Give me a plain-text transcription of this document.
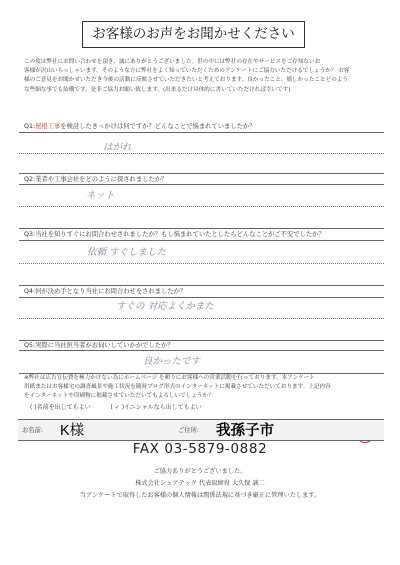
お客様のお声をお聞かせください
この度は弊社にお問い合わせを頂き、誠にありがとうございました。世の中には弊社の存在やサービスをご存知ないお
客様が沢山いらっしゃいます。そのような方に弊社をよく知っていただくためのアンケートにご協力いただけるでしょうか？ お客
様のご意見をお聞かせいただき今後の活動に反映させていただきたいと考えております。良かったこと、嬉しかったことどのよう
な些細な事でも結構です。是非ご協力お願い致します。(出来るだけ具体的に書いていただければ幸いです)
Q1:屋根工事を検討したきっかけは何ですか？どんなことで悩まれていましたか？
はがれ
Q2:業者や工事会社をどのように探されましたか？
ネット
Q3:当社を知りすぐにお問合わせされましたか？もし悩まれていたとしたらどんなことがご不安でしたか？
依頼 すぐしました
Q4:何が決め手となり当社にお問合わせをされましたか？
すぐの 対応よくかまた
Q5:実際に当社担当者がお伺いしていかがでしたか？
良かったです
※弊社は広告宣伝費を極力かけない為にホームページ を頼りにお客様への営業活動を行っております。本アンケート
用紙またはお客様宅の調査風景や施工状況を随時ブログ形式のインターネットに掲載させていただいております。上記内容
をインターネットや印刷物に掲載させていただいてもよろしいでしょうか？
( )名前を出してもよい	( ✓ )イニシャルなら出してもよい
お名前: K様	ご住所: 我孫子市
FAX 03-5879-0882
ご協力ありがとうございました。
株式会社シェアテック 代表取締役 大久保 誠二
当アンケートで取得したお客様の個人情報は関係法規に基づき厳正に管理いたします。
